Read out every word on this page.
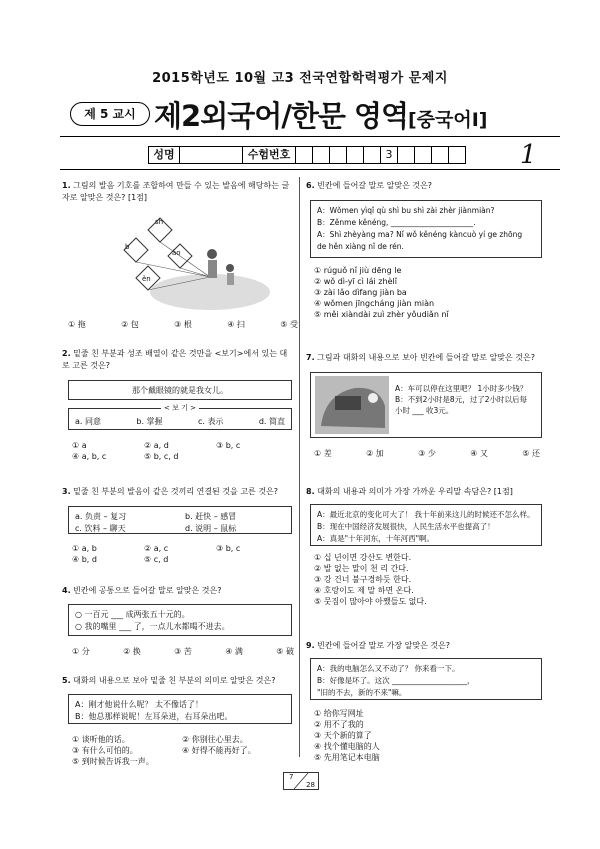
2015학년도 10월 고3 전국연합학력평가 문제지
제 5 교시 제2외국어/한문 영역[중국어Ⅰ]
성명	수험번호	3	1
1. 그림의 발음 기호를 조합하여 만들 수 있는 발음에 해당하는 글자로 알맞은 것은? [1점]
sh
b
āo
ěn
① 拖	② 包	③ 根	④ 扫	⑤ 受
2. 밑줄 친 부분과 성조 배열이 같은 것만을 <보기>에서 있는 대로 고른 것은?
那个戴眼镜的就是我女儿。
< 보 기 >
a. 同意	b. 掌握	c. 表示	d. 简直
① a	② a, d	③ b, c
④ a, b, c	⑤ b, c, d
3. 밑줄 친 부분의 발음이 같은 것끼리 연결된 것을 고른 것은?
a. 负责 – 复习	b. 赶快 – 感冒
c. 饮料 – 聊天	d. 说明 – 鼠标
① a, b	② a, c	③ b, c
④ b, d	⑤ c, d
4. 빈칸에 공통으로 들어갈 말로 알맞은 것은?
○ 一百元 ___ 成两张五十元的。
○ 我的嘴里 ___ 了，一点儿水都喝不进去。
① 分	② 换	③ 苦	④ 满	⑤ 破
5. 대화의 내용으로 보아 밑줄 친 부분의 의미로 알맞은 것은?
A：刚才他说什么呢？ 太不像话了！
B：他总那样说呢！左耳朵进，右耳朵出吧。
① 谈听他的话。	② 你别往心里去。
③ 有什么可怕的。	④ 好得不能再好了。
⑤ 到时候告诉我一声。
6. 빈칸에 들어갈 말로 알맞은 것은?
A：Wǒmen yìqǐ qù shì bu shì zài zhèr jiànmiàn?
B：Zěnme kěnéng, ______________________.
A：Shì zhèyàng ma? Nǐ wǒ kěnéng kàncuò yí ge zhōng
de hěn xiàng nǐ de rén.
① rúguǒ nǐ jiù dēng le
② wǒ dì-yī cì lái zhèlǐ
③ zài lǎo dìfang jiàn ba
④ wǒmen jīngcháng jiàn miàn
⑤ měi xiàndài zuì zhèr yǒudiǎn nǐ
7. 그림과 대화의 내용으로 보아 빈칸에 들어갈 말로 알맞은 것은?
A：车可以停在这里吧？ 1小时多少钱？
B：不到2小时是8元，过了2小时以后每
小时 ___ 收3元。
① 差	② 加	③ 少	④ 又	⑤ 还
8. 대화의 내용과 의미가 가장 가까운 우리말 속담은? [1점]
A：最近北京的变化可大了！ 我十年前来这儿的时候还不怎么样。
B：现在中国经济发展很快，人民生活水平也提高了！
A：真是"十年河东，十年河西"啊。
① 십 년이면 강산도 변한다.
② 발 없는 말이 천 리 간다.
③ 강 건너 불구경하듯 한다.
④ 호랑이도 제 말 하면 온다.
⑤ 뭇짐이 많아야 아쨌들도 없다.
9. 빈칸에 들어갈 말로 가장 알맞은 것은?
A：我的电脑怎么又不动了？ 你来看一下。
B：好像是坏了。这次 ____________________，
"旧的不去，新的不来"嘛。
① 给你写网址
② 用不了我的
③ 天个新的算了
④ 找个懂电脑的人
⑤ 先用笔记本电脑
7
28
